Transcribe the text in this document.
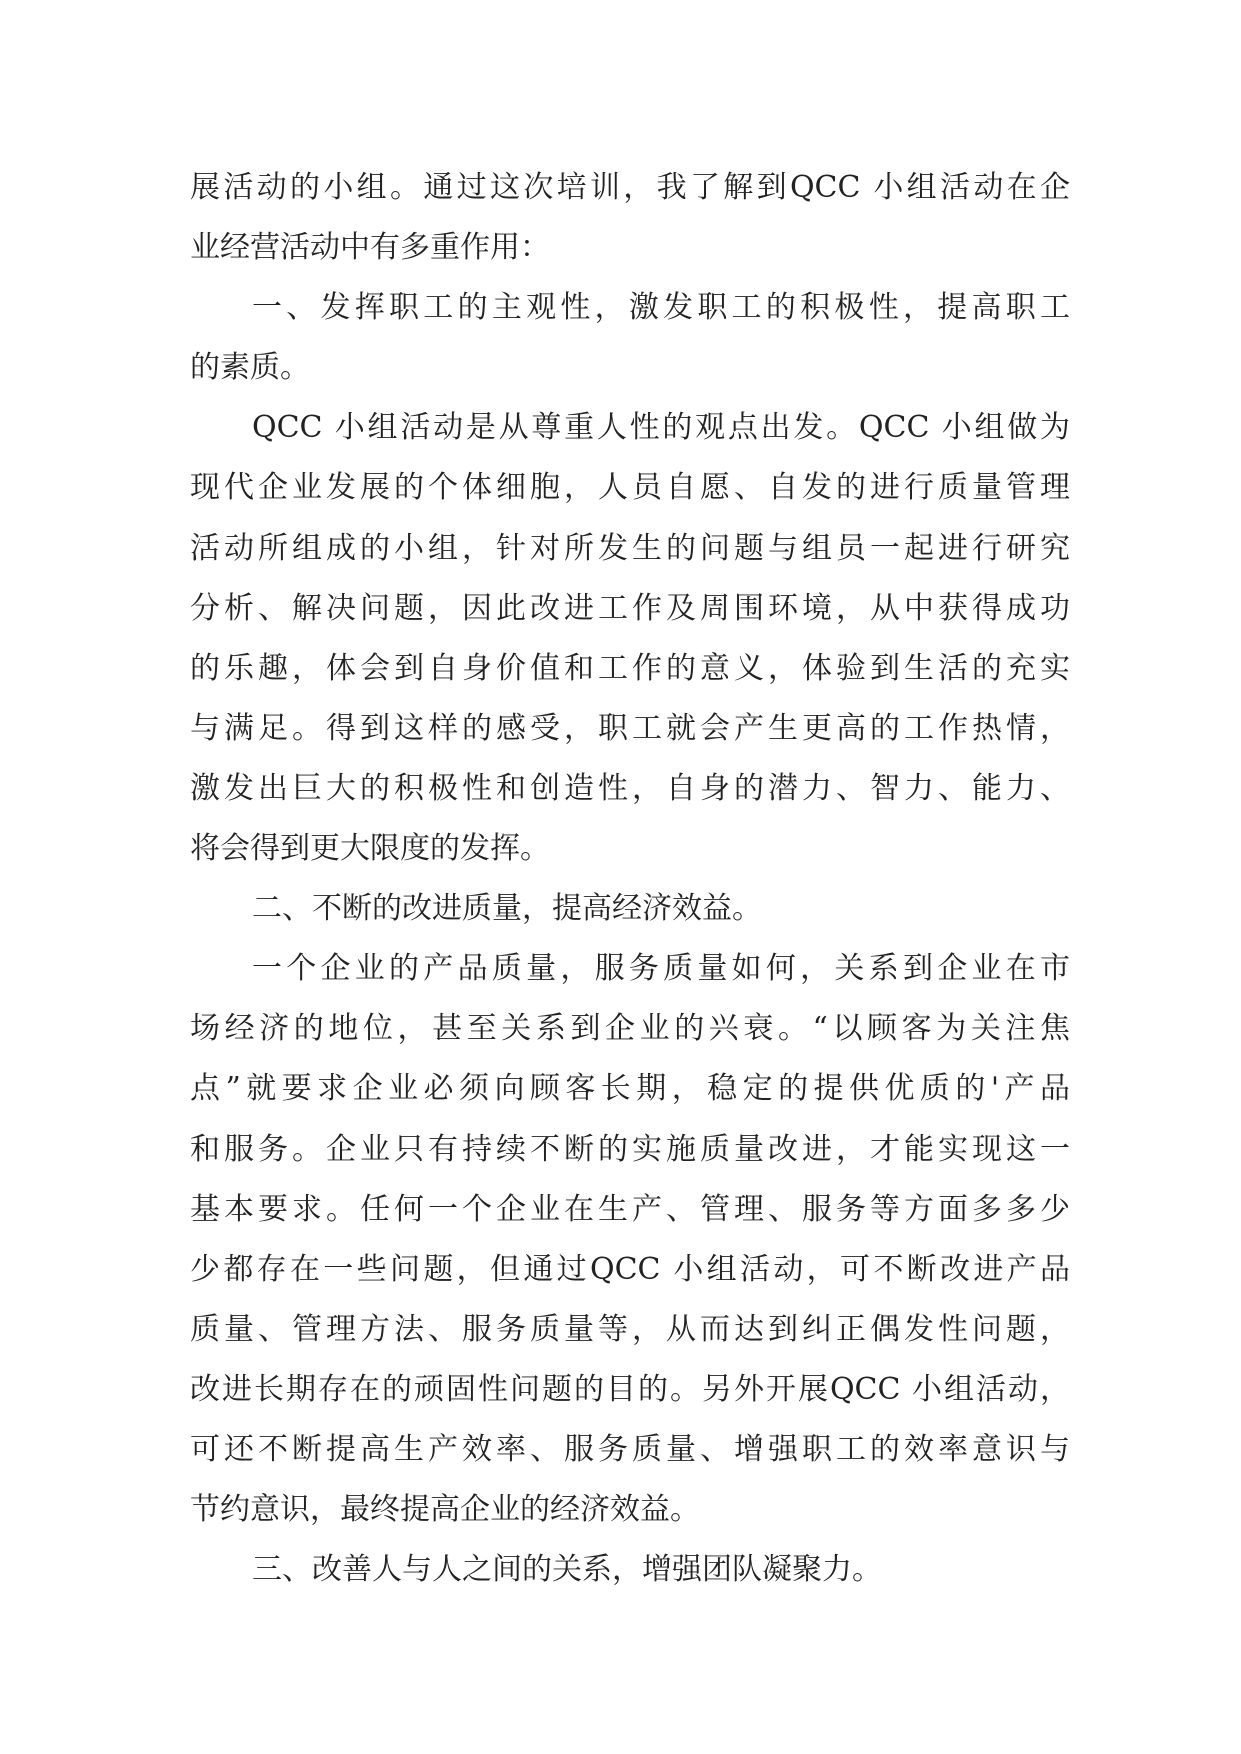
展活动的小组。通过这次培训，我了解到QCC 小组活动在企
业经营活动中有多重作用：
一、发挥职工的主观性，激发职工的积极性，提高职工
的素质。
QCC 小组活动是从尊重人性的观点出发。QCC 小组做为
现代企业发展的个体细胞，人员自愿、自发的进行质量管理
活动所组成的小组，针对所发生的问题与组员一起进行研究
分析、解决问题，因此改进工作及周围环境，从中获得成功
的乐趣，体会到自身价值和工作的意义，体验到生活的充实
与满足。得到这样的感受，职工就会产生更高的工作热情，
激发出巨大的积极性和创造性，自身的潜力、智力、能力、
将会得到更大限度的发挥。
二、不断的改进质量，提高经济效益。
一个企业的产品质量，服务质量如何，关系到企业在市
场经济的地位，甚至关系到企业的兴衰。“以顾客为关注焦
点”就要求企业必须向顾客长期，稳定的提供优质的'产品
和服务。企业只有持续不断的实施质量改进，才能实现这一
基本要求。任何一个企业在生产、管理、服务等方面多多少
少都存在一些问题，但通过QCC 小组活动，可不断改进产品
质量、管理方法、服务质量等，从而达到纠正偶发性问题，
改进长期存在的顽固性问题的目的。另外开展QCC 小组活动，
可还不断提高生产效率、服务质量、增强职工的效率意识与
节约意识，最终提高企业的经济效益。
三、改善人与人之间的关系，增强团队凝聚力。
